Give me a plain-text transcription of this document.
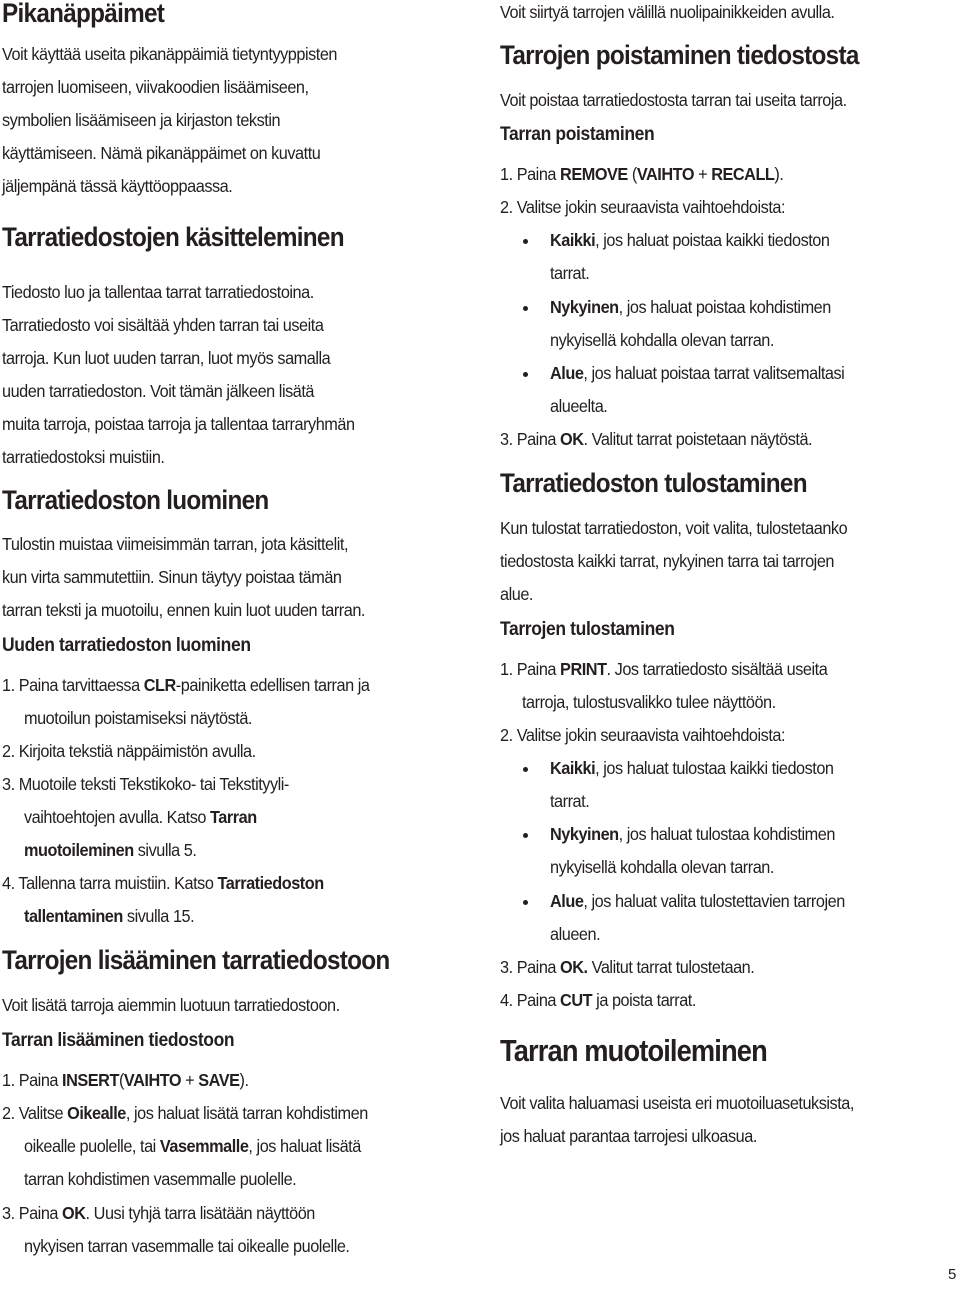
Pikanäppäimet
Voit käyttää useita pikanäppäimiä tietyntyyppisten
tarrojen luomiseen, viivakoodien lisäämiseen,
symbolien lisäämiseen ja kirjaston tekstin
käyttämiseen. Nämä pikanäppäimet on kuvattu
jäljempänä tässä käyttöoppaassa.
Tarratiedostojen käsitteleminen
Tiedosto luo ja tallentaa tarrat tarratiedostoina.
Tarratiedosto voi sisältää yhden tarran tai useita
tarroja. Kun luot uuden tarran, luot myös samalla
uuden tarratiedoston. Voit tämän jälkeen lisätä
muita tarroja, poistaa tarroja ja tallentaa tarraryhmän
tarratiedostoksi muistiin.
Tarratiedoston luominen
Tulostin muistaa viimeisimmän tarran, jota käsittelit,
kun virta sammutettiin. Sinun täytyy poistaa tämän
tarran teksti ja muotoilu, ennen kuin luot uuden tarran.
Uuden tarratiedoston luominen
1. Paina tarvittaessa CLR-painiketta edellisen tarran ja
muotoilun poistamiseksi näytöstä.
2. Kirjoita tekstiä näppäimistön avulla.
3. Muotoile teksti Tekstikoko- tai Tekstityyli-
vaihtoehtojen avulla. Katso Tarran
muotoileminen sivulla 5.
4. Tallenna tarra muistiin. Katso Tarratiedoston
tallentaminen sivulla 15.
Tarrojen lisääminen tarratiedostoon
Voit lisätä tarroja aiemmin luotuun tarratiedostoon.
Tarran lisääminen tiedostoon
1. Paina INSERT(VAIHTO + SAVE).
2. Valitse Oikealle, jos haluat lisätä tarran kohdistimen
oikealle puolelle, tai Vasemmalle, jos haluat lisätä
tarran kohdistimen vasemmalle puolelle.
3. Paina OK. Uusi tyhjä tarra lisätään näyttöön
nykyisen tarran vasemmalle tai oikealle puolelle.
Voit siirtyä tarrojen välillä nuolipainikkeiden avulla.
Tarrojen poistaminen tiedostosta
Voit poistaa tarratiedostosta tarran tai useita tarroja.
Tarran poistaminen
1. Paina REMOVE (VAIHTO + RECALL).
2. Valitse jokin seuraavista vaihtoehdoista:
Kaikki, jos haluat poistaa kaikki tiedoston
tarrat.
Nykyinen, jos haluat poistaa kohdistimen
nykyisellä kohdalla olevan tarran.
Alue, jos haluat poistaa tarrat valitsemaltasi
alueelta.
3. Paina OK. Valitut tarrat poistetaan näytöstä.
Tarratiedoston tulostaminen
Kun tulostat tarratiedoston, voit valita, tulostetaanko
tiedostosta kaikki tarrat, nykyinen tarra tai tarrojen
alue.
Tarrojen tulostaminen
1. Paina PRINT. Jos tarratiedosto sisältää useita
tarroja, tulostusvalikko tulee näyttöön.
2. Valitse jokin seuraavista vaihtoehdoista:
Kaikki, jos haluat tulostaa kaikki tiedoston
tarrat.
Nykyinen, jos haluat tulostaa kohdistimen
nykyisellä kohdalla olevan tarran.
Alue, jos haluat valita tulostettavien tarrojen
alueen.
3. Paina OK. Valitut tarrat tulostetaan.
4. Paina CUT ja poista tarrat.
Tarran muotoileminen
Voit valita haluamasi useista eri muotoiluasetuksista,
jos haluat parantaa tarrojesi ulkoasua.
5
